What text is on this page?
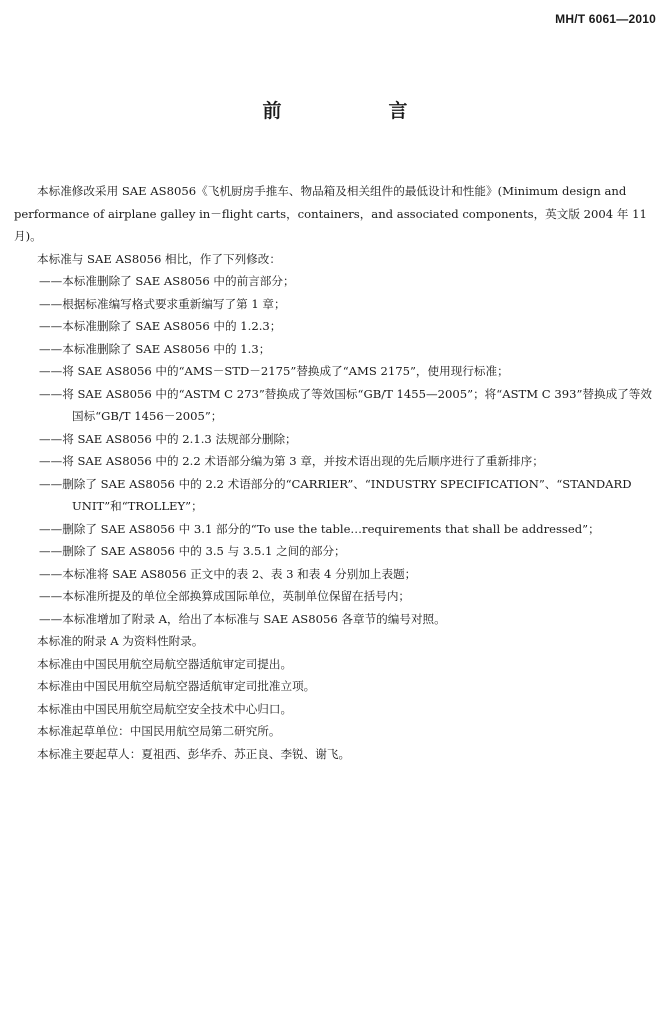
MH/T 6061—2010
前　言

本标准修改采用 SAE AS8056《飞机厨房手推车、物品箱及相关组件的最低设计和性能》(Minimum design and performance of airplane galley in－flight carts，containers，and associated components，英文版 2004 年 11 月)。

本标准与 SAE AS8056 相比，作了下列修改：

——本标准删除了 SAE AS8056 中的前言部分；

——根据标准编写格式要求重新编写了第 1 章；

——本标准删除了 SAE AS8056 中的 1.2.3；

——本标准删除了 SAE AS8056 中的 1.3；

——将 SAE AS8056 中的“AMS－STD－2175”替换成了“AMS 2175”，使用现行标准；

——将 SAE AS8056 中的“ASTM C 273”替换成了等效国标“GB/T 1455—2005”；将“ASTM C 393”替换成了等效国标“GB/T 1456－2005”；

——将 SAE AS8056 中的 2.1.3 法规部分删除；

——将 SAE AS8056 中的 2.2 术语部分编为第 3 章，并按术语出现的先后顺序进行了重新排序；

——删除了 SAE AS8056 中的 2.2 术语部分的“CARRIER”、“INDUSTRY SPECIFICATION”、“STANDARD UNIT”和“TROLLEY”；

——删除了 SAE AS8056 中 3.1 部分的“To use the table…requirements that shall be addressed”；

——删除了 SAE AS8056 中的 3.5 与 3.5.1 之间的部分；

——本标准将 SAE AS8056 正文中的表 2、表 3 和表 4 分别加上表题；

——本标准所提及的单位全部换算成国际单位，英制单位保留在括号内；

——本标准增加了附录 A，给出了本标准与 SAE AS8056 各章节的编号对照。

本标准的附录 A 为资料性附录。

本标准由中国民用航空局航空器适航审定司提出。

本标准由中国民用航空局航空器适航审定司批准立项。

本标准由中国民用航空局航空安全技术中心归口。

本标准起草单位：中国民用航空局第二研究所。

本标准主要起草人：夏祖西、彭华乔、苏正良、李锐、谢飞。
